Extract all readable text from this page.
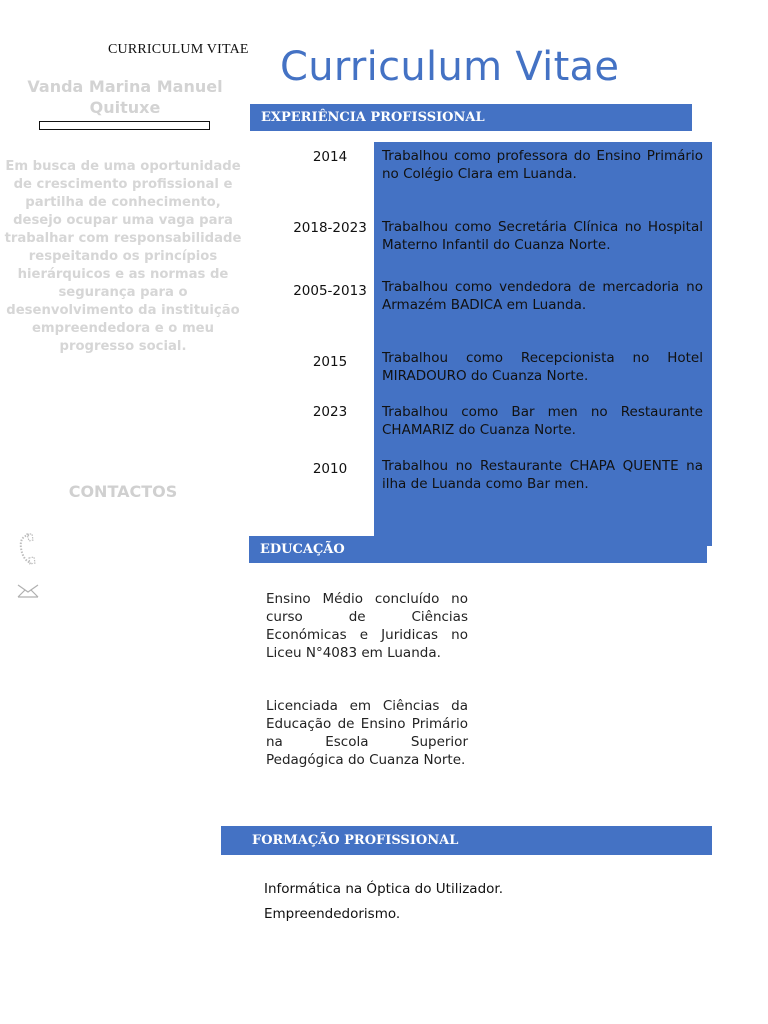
CURRICULUM VITAE
Vanda Marina Manuel Quituxe
Em busca de uma oportunidade de crescimento profissional e partilha de conhecimento, desejo ocupar uma vaga para trabalhar com responsabilidade respeitando os princípios hierárquicos e as normas de segurança para o desenvolvimento da instituição empreendedora e o meu progresso social.
CONTACTOS
Curriculum Vitae
EXPERIÊNCIA PROFISSIONAL
2014	Trabalhou como professora do Ensino Primário no Colégio Clara em Luanda.
2018-2023	Trabalhou como Secretária Clínica no Hospital Materno Infantil do Cuanza Norte.
2005-2013	Trabalhou como vendedora de mercadoria no Armazém BADICA em Luanda.
2015	Trabalhou como Recepcionista no Hotel MIRADOURO do Cuanza Norte.
2023	Trabalhou como Bar men no Restaurante CHAMARIZ do Cuanza Norte.
2010	Trabalhou no Restaurante CHAPA QUENTE na ilha de Luanda como Bar men.
EDUCAÇÃO
Ensino Médio concluído no curso de Ciências Económicas e Juridicas no Liceu N°4083 em Luanda.
Licenciada em Ciências da Educação de Ensino Primário na Escola Superior Pedagógica do Cuanza Norte.
FORMAÇÃO PROFISSIONAL
Informática na Óptica do Utilizador.
Empreendedorismo.
